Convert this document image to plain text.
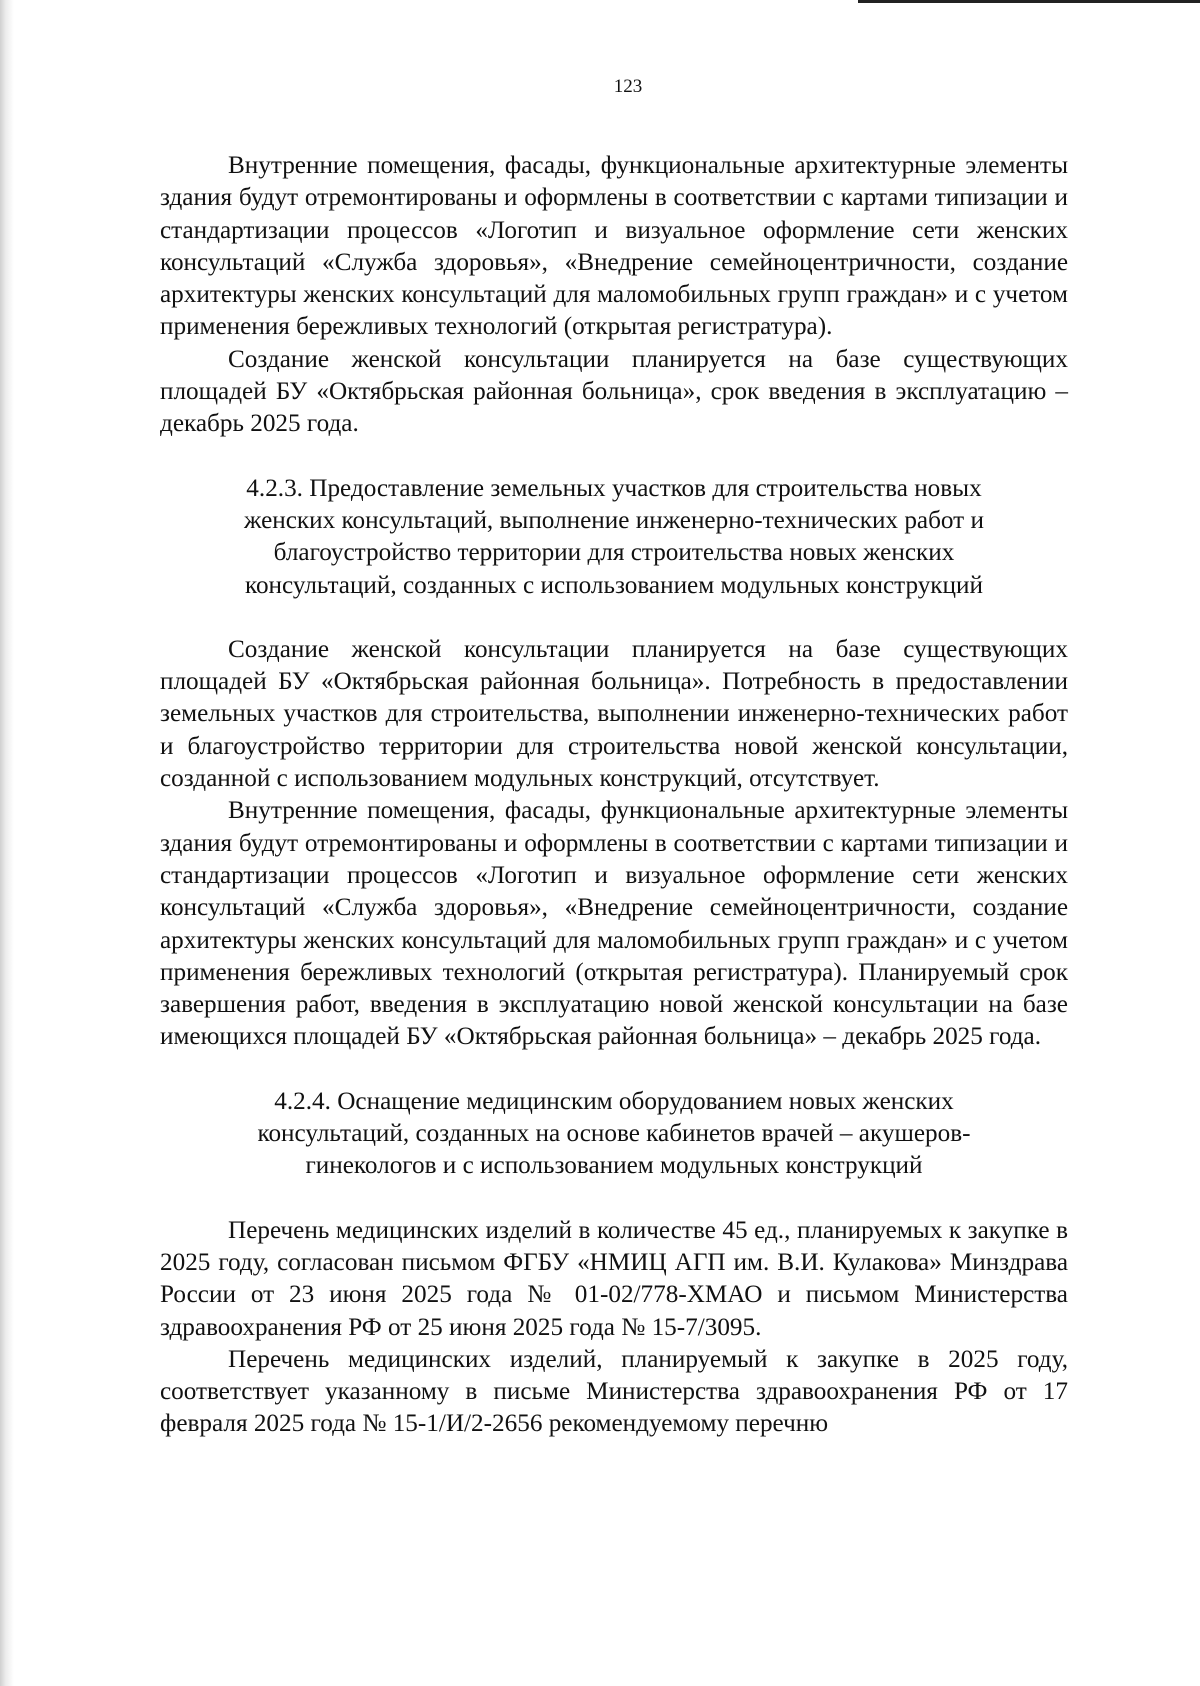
123

Внутренние помещения, фасады, функциональные архитектурные элементы здания будут отремонтированы и оформлены в соответствии с картами типизации и стандартизации процессов «Логотип и визуальное оформление сети женских консультаций «Служба здоровья», «Внедрение семейноцентричности, создание архитектуры женских консультаций для маломобильных групп граждан» и с учетом применения бережливых технологий (открытая регистратура).

Создание женской консультации планируется на базе существующих площадей БУ «Октябрьская районная больница», срок введения в эксплуатацию – декабрь 2025 года.

4.2.3. Предоставление земельных участков для строительства новых
женских консультаций, выполнение инженерно-технических работ и
благоустройство территории для строительства новых женских
консультаций, созданных с использованием модульных конструкций

Создание женской консультации планируется на базе существующих площадей БУ «Октябрьская районная больница». Потребность в предоставлении земельных участков для строительства, выполнении инженерно-технических работ и благоустройство территории для строительства новой женской консультации, созданной с использованием модульных конструкций, отсутствует.

Внутренние помещения, фасады, функциональные архитектурные элементы здания будут отремонтированы и оформлены в соответствии с картами типизации и стандартизации процессов «Логотип и визуальное оформление сети женских консультаций «Служба здоровья», «Внедрение семейноцентричности, создание архитектуры женских консультаций для маломобильных групп граждан» и с учетом применения бережливых технологий (открытая регистратура). Планируемый срок завершения работ, введения в эксплуатацию новой женской консультации на базе имеющихся площадей БУ «Октябрьская районная больница» – декабрь 2025 года.

4.2.4. Оснащение медицинским оборудованием новых женских
консультаций, созданных на основе кабинетов врачей – акушеров-
гинекологов и с использованием модульных конструкций

Перечень медицинских изделий в количестве 45 ед., планируемых к закупке в 2025 году, согласован письмом ФГБУ «НМИЦ АГП им. В.И. Кулакова» Минздрава России от 23 июня 2025 года № 01-02/778-ХМАО и письмом Министерства здравоохранения РФ от 25 июня 2025 года № 15-7/3095.

Перечень медицинских изделий, планируемый к закупке в 2025 году, соответствует указанному в письме Министерства здравоохранения РФ от 17 февраля 2025 года № 15-1/И/2-2656 рекомендуемому перечню
